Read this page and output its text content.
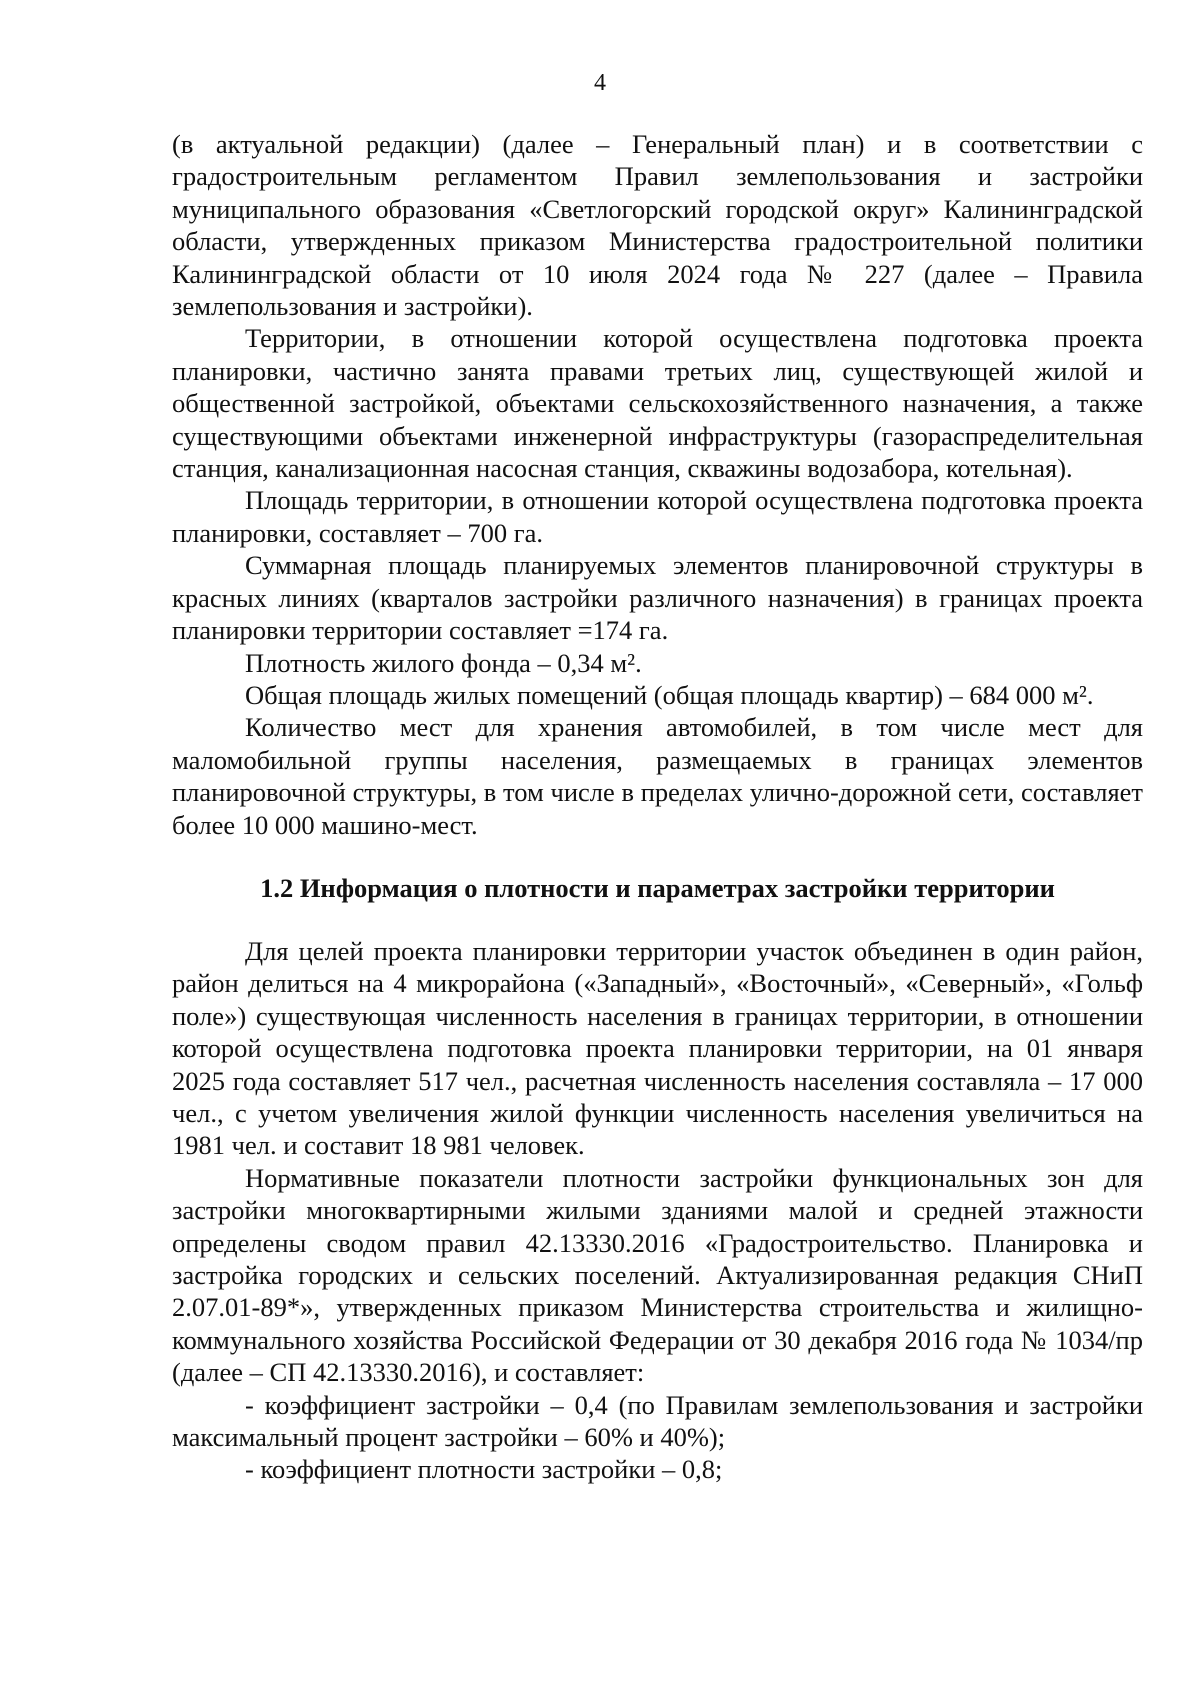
4

(в актуальной редакции) (далее – Генеральный план) и в соответствии с градостроительным регламентом Правил землепользования и застройки муниципального образования «Светлогорский городской округ» Калининградской области, утвержденных приказом Министерства градостроительной политики Калининградской области от 10 июля 2024 года № 227 (далее – Правила землепользования и застройки).

Территории, в отношении которой осуществлена подготовка проекта планировки, частично занята правами третьих лиц, существующей жилой и общественной застройкой, объектами сельскохозяйственного назначения, а также существующими объектами инженерной инфраструктуры (газораспределительная станция, канализационная насосная станция, скважины водозабора, котельная).

Площадь территории, в отношении которой осуществлена подготовка проекта планировки, составляет – 700 га.

Суммарная площадь планируемых элементов планировочной структуры в красных линиях (кварталов застройки различного назначения) в границах проекта планировки территории составляет =174 га.

Плотность жилого фонда – 0,34 м².

Общая площадь жилых помещений (общая площадь квартир) – 684 000 м².

Количество мест для хранения автомобилей, в том числе мест для маломобильной группы населения, размещаемых в границах элементов планировочной структуры, в том числе в пределах улично-дорожной сети, составляет более 10 000 машино-мест.

1.2 Информация о плотности и параметрах застройки территории

Для целей проекта планировки территории участок объединен в один район, район делиться на 4 микрорайона («Западный», «Восточный», «Северный», «Гольф поле») существующая численность населения в границах территории, в отношении которой осуществлена подготовка проекта планировки территории, на 01 января 2025 года составляет 517 чел., расчетная численность населения составляла – 17 000 чел., с учетом увеличения жилой функции численность населения увеличиться на 1981 чел. и составит 18 981 человек.

Нормативные показатели плотности застройки функциональных зон для застройки многоквартирными жилыми зданиями малой и средней этажности определены сводом правил 42.13330.2016 «Градостроительство. Планировка и застройка городских и сельских поселений. Актуализированная редакция СНиП 2.07.01-89*», утвержденных приказом Министерства строительства и жилищно-коммунального хозяйства Российской Федерации от 30 декабря 2016 года № 1034/пр (далее – СП 42.13330.2016), и составляет:

- коэффициент застройки – 0,4 (по Правилам землепользования и застройки максимальный процент застройки – 60% и 40%);

- коэффициент плотности застройки – 0,8;
